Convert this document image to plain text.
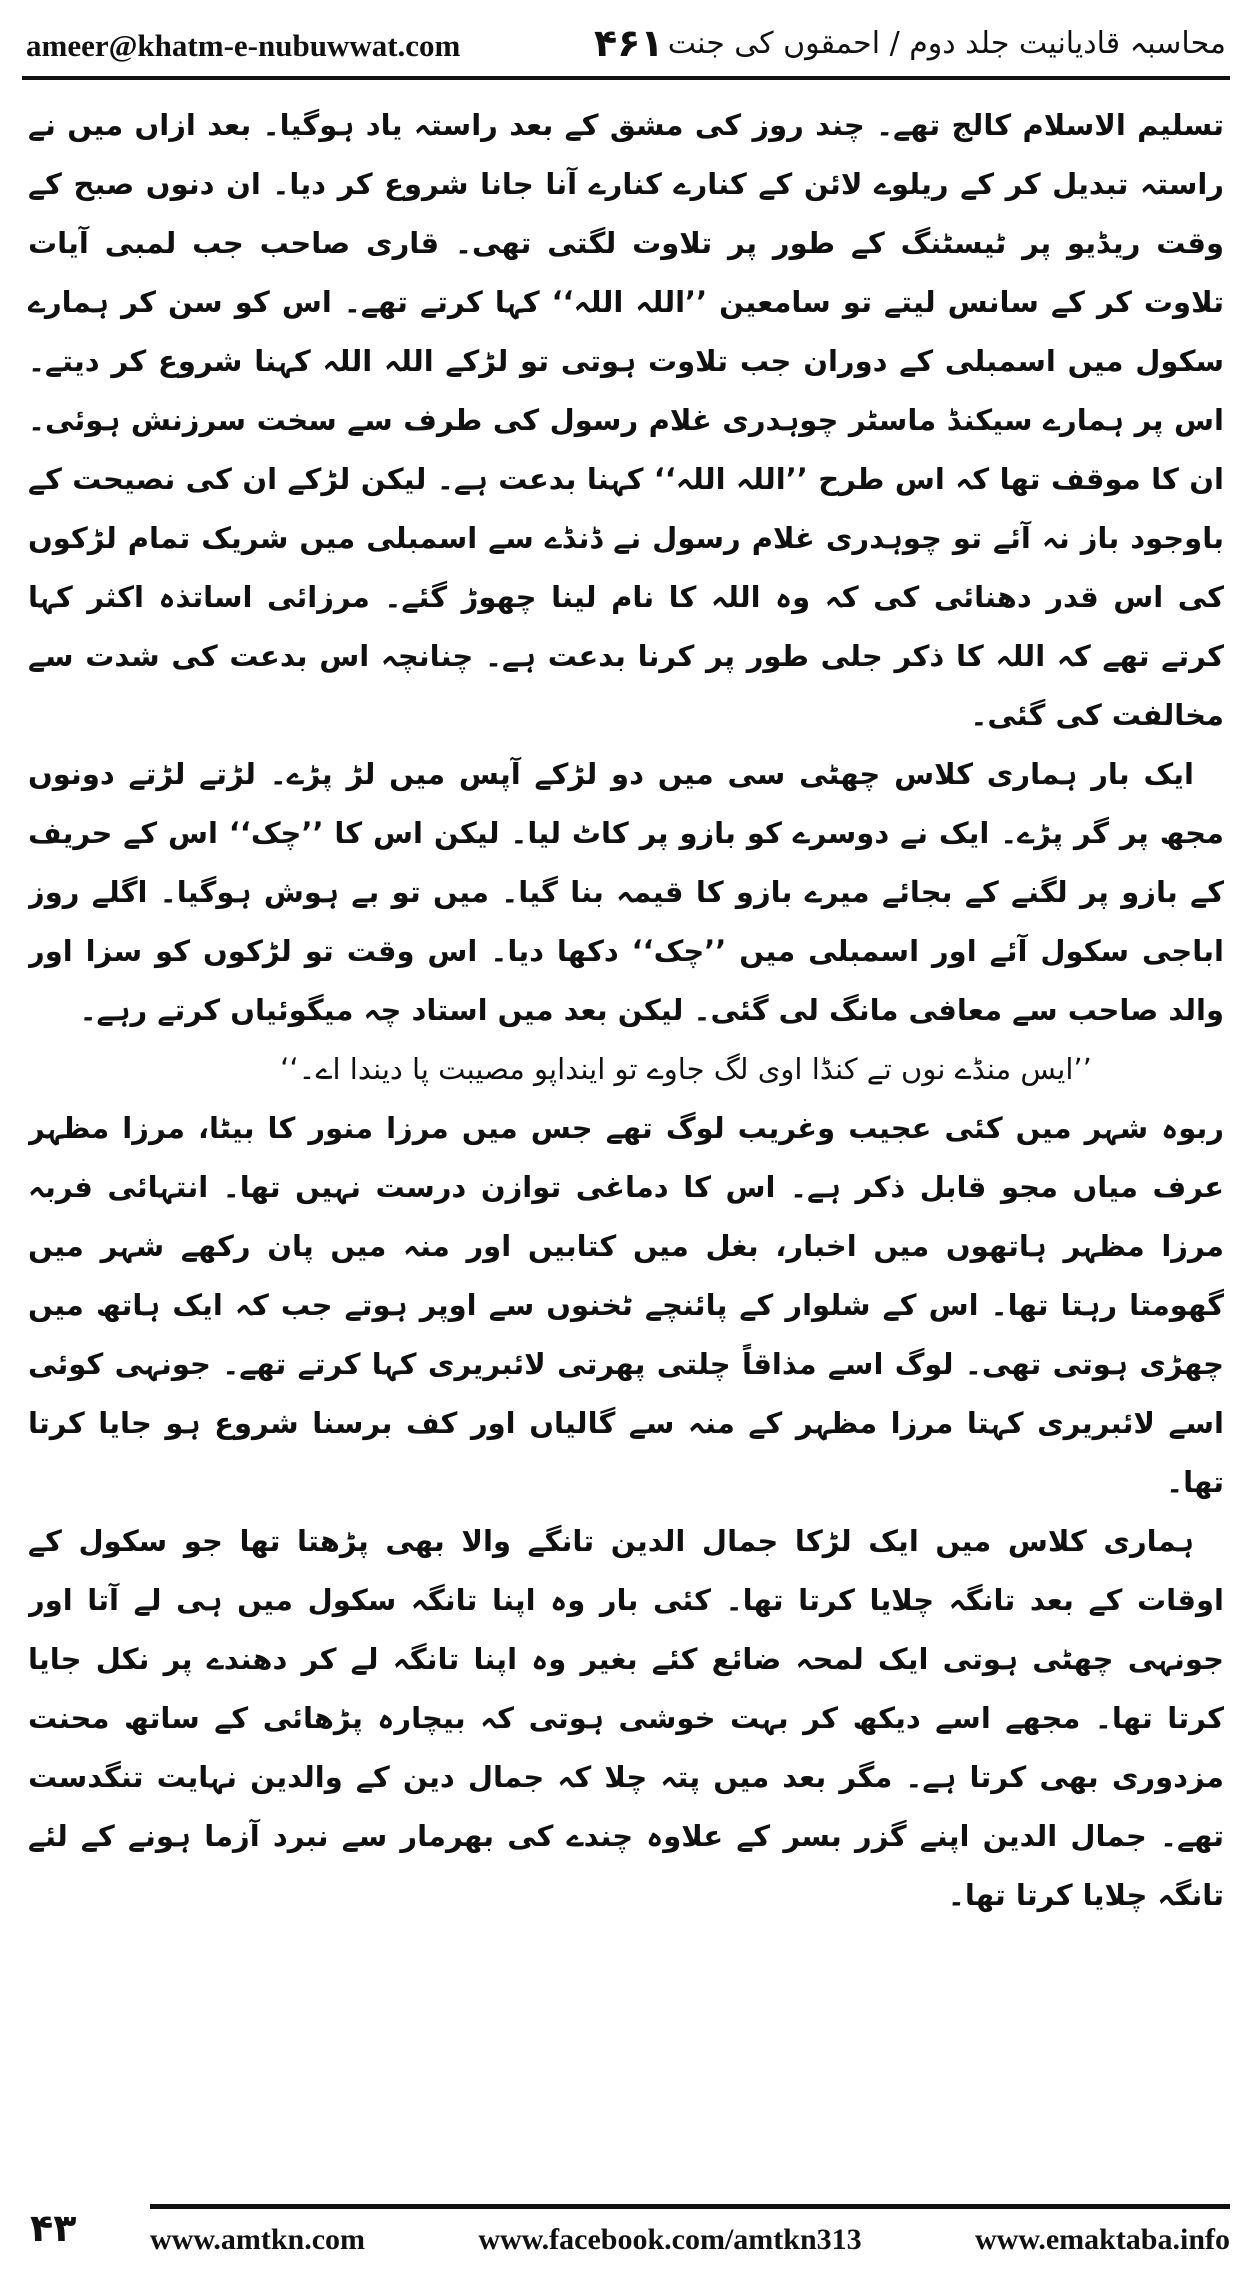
ameer@khatm-e-nubuwwat.com	۴۶۱ محاسبہ قادیانیت جلد دوم / احمقوں کی جنت

تسلیم الاسلام کالج تھے۔ چند روز کی مشق کے بعد راستہ یاد ہوگیا۔ بعد ازاں میں نے راستہ تبدیل کر کے ریلوے لائن کے کنارے کنارے آنا جانا شروع کر دیا۔ ان دنوں صبح کے وقت ریڈیو پر ٹیسٹنگ کے طور پر تلاوت لگتی تھی۔ قاری صاحب جب لمبی آیات تلاوت کر کے سانس لیتے تو سامعین ’’اللہ اللہ‘‘ کہا کرتے تھے۔ اس کو سن کر ہمارے سکول میں اسمبلی کے دوران جب تلاوت ہوتی تو لڑکے اللہ اللہ کہنا شروع کر دیتے۔ اس پر ہمارے سیکنڈ ماسٹر چوہدری غلام رسول کی طرف سے سخت سرزنش ہوئی۔ ان کا موقف تھا کہ اس طرح ’’اللہ اللہ‘‘ کہنا بدعت ہے۔ لیکن لڑکے ان کی نصیحت کے باوجود باز نہ آئے تو چوہدری غلام رسول نے ڈنڈے سے اسمبلی میں شریک تمام لڑکوں کی اس قدر دھنائی کی کہ وہ اللہ کا نام لینا چھوڑ گئے۔ مرزائی اساتذہ اکثر کہا کرتے تھے کہ اللہ کا ذکر جلی طور پر کرنا بدعت ہے۔ چنانچہ اس بدعت کی شدت سے مخالفت کی گئی۔

ایک بار ہماری کلاس چھٹی سی میں دو لڑکے آپس میں لڑ پڑے۔ لڑتے لڑتے دونوں مجھ پر گر پڑے۔ ایک نے دوسرے کو بازو پر کاٹ لیا۔ لیکن اس کا ’’چک‘‘ اس کے حریف کے بازو پر لگنے کے بجائے میرے بازو کا قیمہ بنا گیا۔ میں تو بے ہوش ہوگیا۔ اگلے روز اباجی سکول آئے اور اسمبلی میں ’’چک‘‘ دکھا دیا۔ اس وقت تو لڑکوں کو سزا اور والد صاحب سے معافی مانگ لی گئی۔ لیکن بعد میں استاد چہ میگوئیاں کرتے رہے۔

’’ایس منڈے نوں تے کنڈا اوی لگ جاوے تو اینداپو مصیبت پا دیندا اے۔‘‘

ربوہ شہر میں کئی عجیب وغریب لوگ تھے جس میں مرزا منور کا بیٹا، مرزا مظہر عرف میاں مجو قابل ذکر ہے۔ اس کا دماغی توازن درست نہیں تھا۔ انتہائی فربہ مرزا مظہر ہاتھوں میں اخبار، بغل میں کتابیں اور منہ میں پان رکھے شہر میں گھومتا رہتا تھا۔ اس کے شلوار کے پائنچے ٹخنوں سے اوپر ہوتے جب کہ ایک ہاتھ میں چھڑی ہوتی تھی۔ لوگ اسے مذاقاً چلتی پھرتی لائبریری کہا کرتے تھے۔ جونہی کوئی اسے لائبریری کہتا مرزا مظہر کے منہ سے گالیاں اور کف برسنا شروع ہو جایا کرتا تھا۔

ہماری کلاس میں ایک لڑکا جمال الدین تانگے والا بھی پڑھتا تھا جو سکول کے اوقات کے بعد تانگہ چلایا کرتا تھا۔ کئی بار وہ اپنا تانگہ سکول میں ہی لے آتا اور جونہی چھٹی ہوتی ایک لمحہ ضائع کئے بغیر وہ اپنا تانگہ لے کر دھندے پر نکل جایا کرتا تھا۔ مجھے اسے دیکھ کر بہت خوشی ہوتی کہ بیچارہ پڑھائی کے ساتھ محنت مزدوری بھی کرتا ہے۔ مگر بعد میں پتہ چلا کہ جمال دین کے والدین نہایت تنگدست تھے۔ جمال الدین اپنے گزر بسر کے علاوہ چندے کی بھرمار سے نبرد آزما ہونے کے لئے تانگہ چلایا کرتا تھا۔

۴۳ www.amtkn.com	www.facebook.com/amtkn313	www.emaktaba.info
